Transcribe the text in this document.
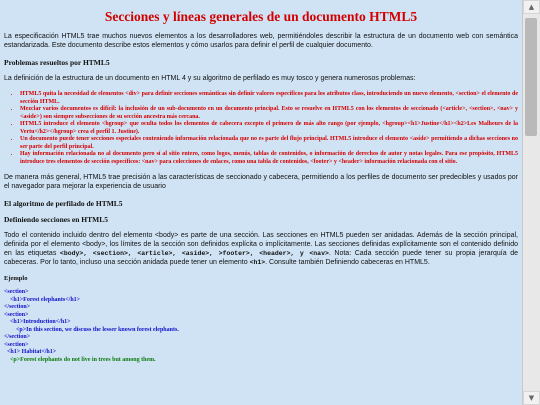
Secciones y líneas generales de un documento HTML5

La especificación HTML5 trae muchos nuevos elementos a los desarrolladores web, permitiéndoles describir la estructura de un documento web con semántica estandarizada. Este documento describe estos elementos y cómo usarlos para definir el perfil de cualquier documento.

Problemas resueltos por HTML5

La definición de la estructura de un documento en HTML 4 y su algoritmo de perfilado es muy tosco y genera numerosos problemas:

• HTML5 quita la necesidad de elementos <div> para definir secciones semánticas sin definir valores específicos para los atributos class, introduciendo un nuevo elemento, <section> el elemento de sección HTML.
• Mezclar varios documentos es difícil: la inclusión de un sub-documento en un documento principal. Esto se resuelve en HTML5 con los elementos de seccionado (<article>, <section>, <nav> y <aside>) son siempre subsecciones de su sección ancestra más cercana.
• HTML5 introduce el elemento <hgroup> que oculta todos los elementos de cabecera excepto el primero de más alto rango (por ejemplo, <hgroup><h1>Justine</h1><h2>Les Malheurs de la Vertu</h2></hgroup> crea el perfil 1. Justine).
• Un documento puede tener secciones especiales conteniendo información relacionada que no es parte del flujo principal. HTML5 introduce el elemento <aside> permitiendo a dichas secciones no ser parte del perfil principal.
• Hay información relacionada no al documento pero sí al sitio entero, como logos, menús, tablas de contenidos, o información de derechos de autor y notas legales. Para ese propósito, HTML5 introduce tres elementos de sección específicos: <nav> para colecciones de enlaces, como una tabla de contenidos, <footer> y <header> información relacionada con el sitio.

De manera más general, HTML5 trae precisión a las características de seccionado y cabecera, permitiendo a los perfiles de documento ser predecibles y usados por el navegador para mejorar la experiencia de usuario

El algoritmo de perfilado de HTML5
Definiendo secciones en HTML5

Todo el contenido incluido dentro del elemento <body> es parte de una sección. Las secciones en HTML5 pueden ser anidadas. Además de la sección principal, definida por el elemento <body>, los límites de la sección son definidos explícita o implícitamente. Las secciones definidas explícitamente son el contenido definido en las etiquetas <body>, <section>, <article>, <aside>, >footer>, <header>, y <nav>. Nota: Cada sección puede tener su propia jerarquía de cabeceras. Por lo tanto, incluso una sección anidada puede tener un elemento <h1>. Consulte también Definiendo cabeceras en HTML5.

Ejemplo
<section>
<h1>Forest elephants</h1>
</section>
<section>
<h1>Introduction</h1>
<p>In this section, we discuss the lesser known forest elephants.
</section>
<section>
<h1> Habitat</h1>
<p>Forest elephants do not live in trees but among them.
▲
▼
